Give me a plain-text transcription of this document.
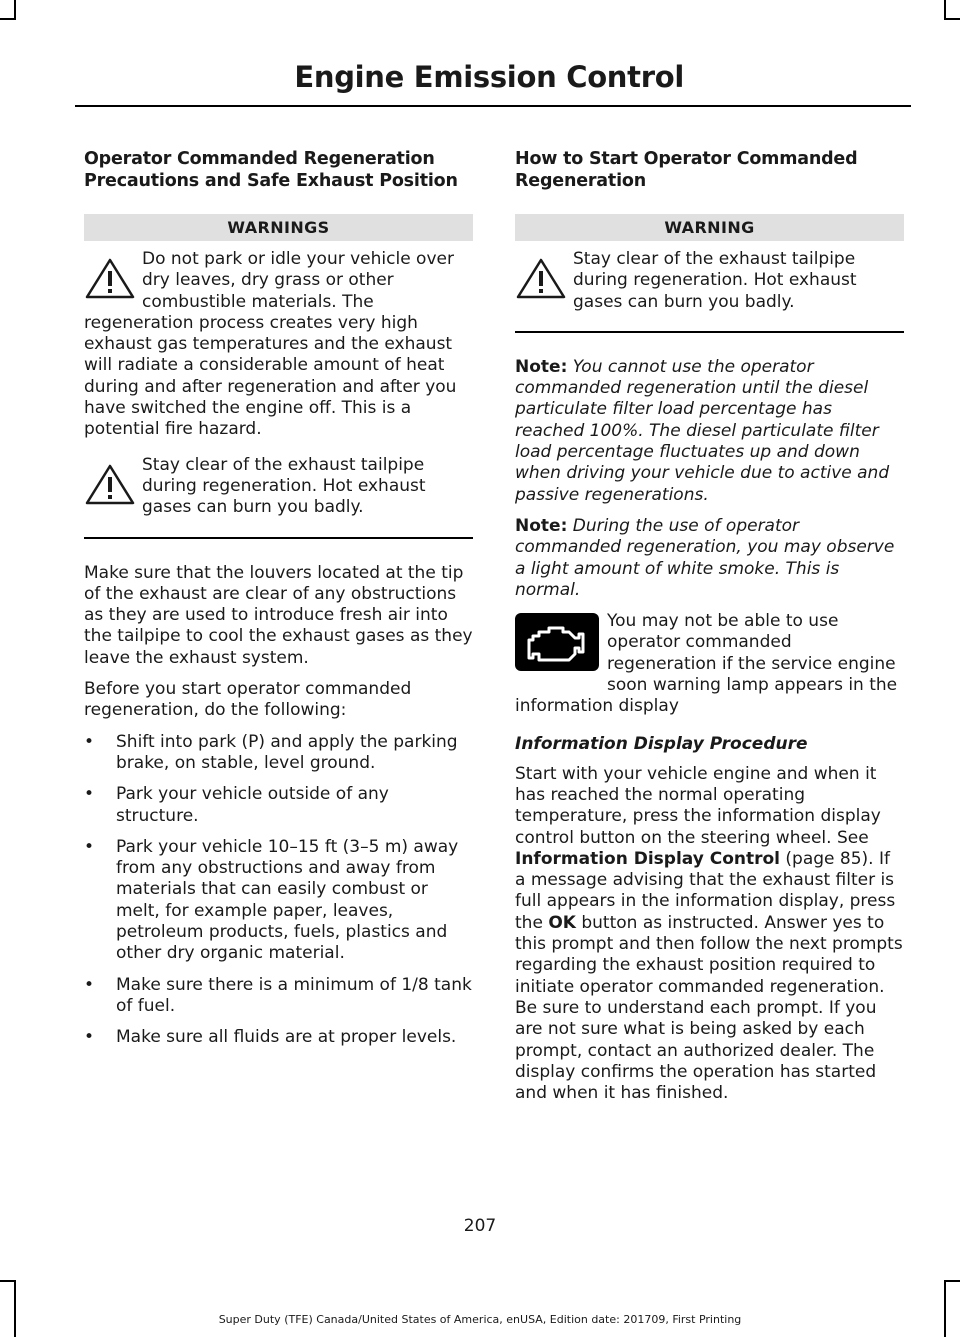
Engine Emission Control
Operator Commanded Regeneration Precautions and Safe Exhaust Position
WARNINGS
Do not park or idle your vehicle over dry leaves, dry grass or other combustible materials. The regeneration process creates very high exhaust gas temperatures and the exhaust will radiate a considerable amount of heat during and after regeneration and after you have switched the engine off. This is a potential fire hazard.
Stay clear of the exhaust tailpipe during regeneration. Hot exhaust gases can burn you badly.

Make sure that the louvers located at the tip of the exhaust are clear of any obstructions as they are used to introduce fresh air into the tailpipe to cool the exhaust gases as they leave the exhaust system.

Before you start operator commanded regeneration, do the following:

• Shift into park (P) and apply the parking brake, on stable, level ground.
• Park your vehicle outside of any structure.
• Park your vehicle 10–15 ft (3–5 m) away from any obstructions and away from materials that can easily combust or melt, for example paper, leaves, petroleum products, fuels, plastics and other dry organic material.
• Make sure there is a minimum of 1/8 tank of fuel.
• Make sure all fluids are at proper levels.
How to Start Operator Commanded Regeneration
WARNING
Stay clear of the exhaust tailpipe during regeneration. Hot exhaust gases can burn you badly.

Note: You cannot use the operator commanded regeneration until the diesel particulate filter load percentage has reached 100%. The diesel particulate filter load percentage fluctuates up and down when driving your vehicle due to active and passive regenerations.

Note: During the use of operator commanded regeneration, you may observe a light amount of white smoke. This is normal.

You may not be able to use operator commanded regeneration if the service engine soon warning lamp appears in the information display

Information Display Procedure

Start with your vehicle engine and when it has reached the normal operating temperature, press the information display control button on the steering wheel. See Information Display Control (page 85). If a message advising that the exhaust filter is full appears in the information display, press the OK button as instructed. Answer yes to this prompt and then follow the next prompts regarding the exhaust position required to initiate operator commanded regeneration. Be sure to understand each prompt. If you are not sure what is being asked by each prompt, contact an authorized dealer. The display confirms the operation has started and when it has finished.

207
Super Duty (TFE) Canada/United States of America, enUSA, Edition date: 201709, First Printing
